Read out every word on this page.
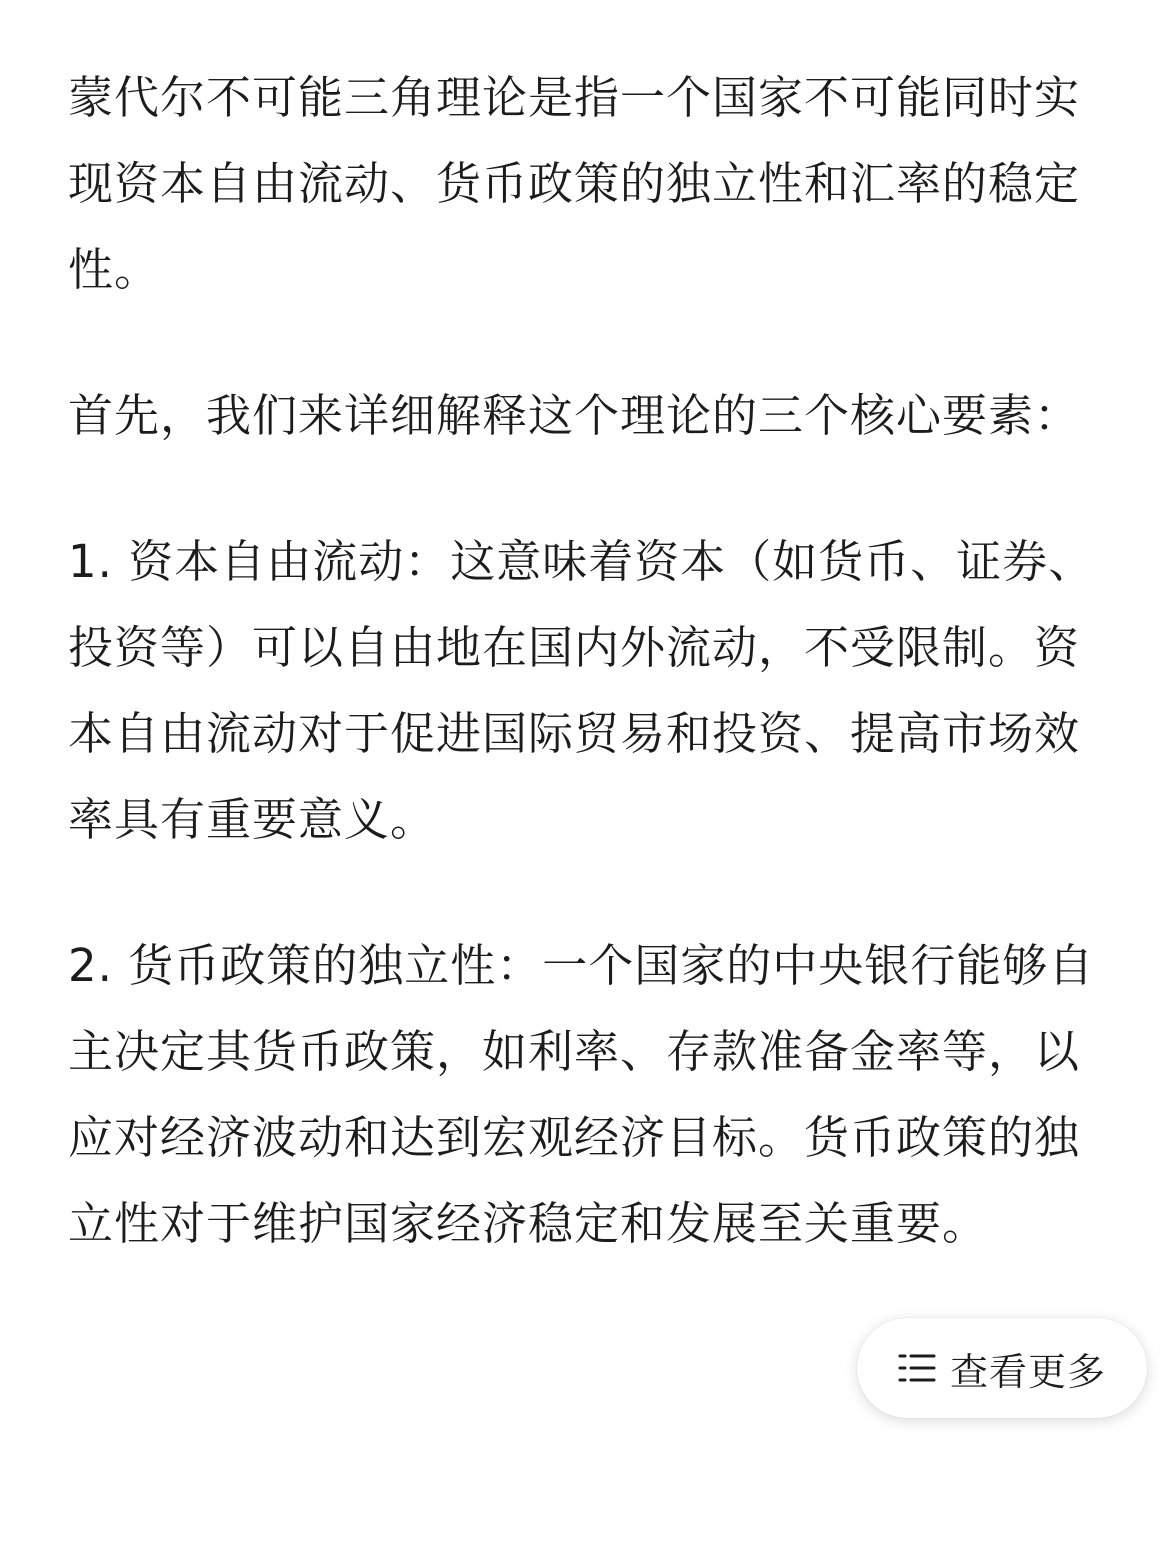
蒙代尔不可能三角理论是指一个国家不可能同时实现资本自由流动、货币政策的独立性和汇率的稳定性。

首先，我们来详细解释这个理论的三个核心要素：

1. 资本自由流动：这意味着资本（如货币、证券、投资等）可以自由地在国内外流动，不受限制。资本自由流动对于促进国际贸易和投资、提高市场效率具有重要意义。

2. 货币政策的独立性：一个国家的中央银行能够自主决定其货币政策，如利率、存款准备金率等，以应对经济波动和达到宏观经济目标。货币政策的独立性对于维护国家经济稳定和发展至关重要。

查看更多
